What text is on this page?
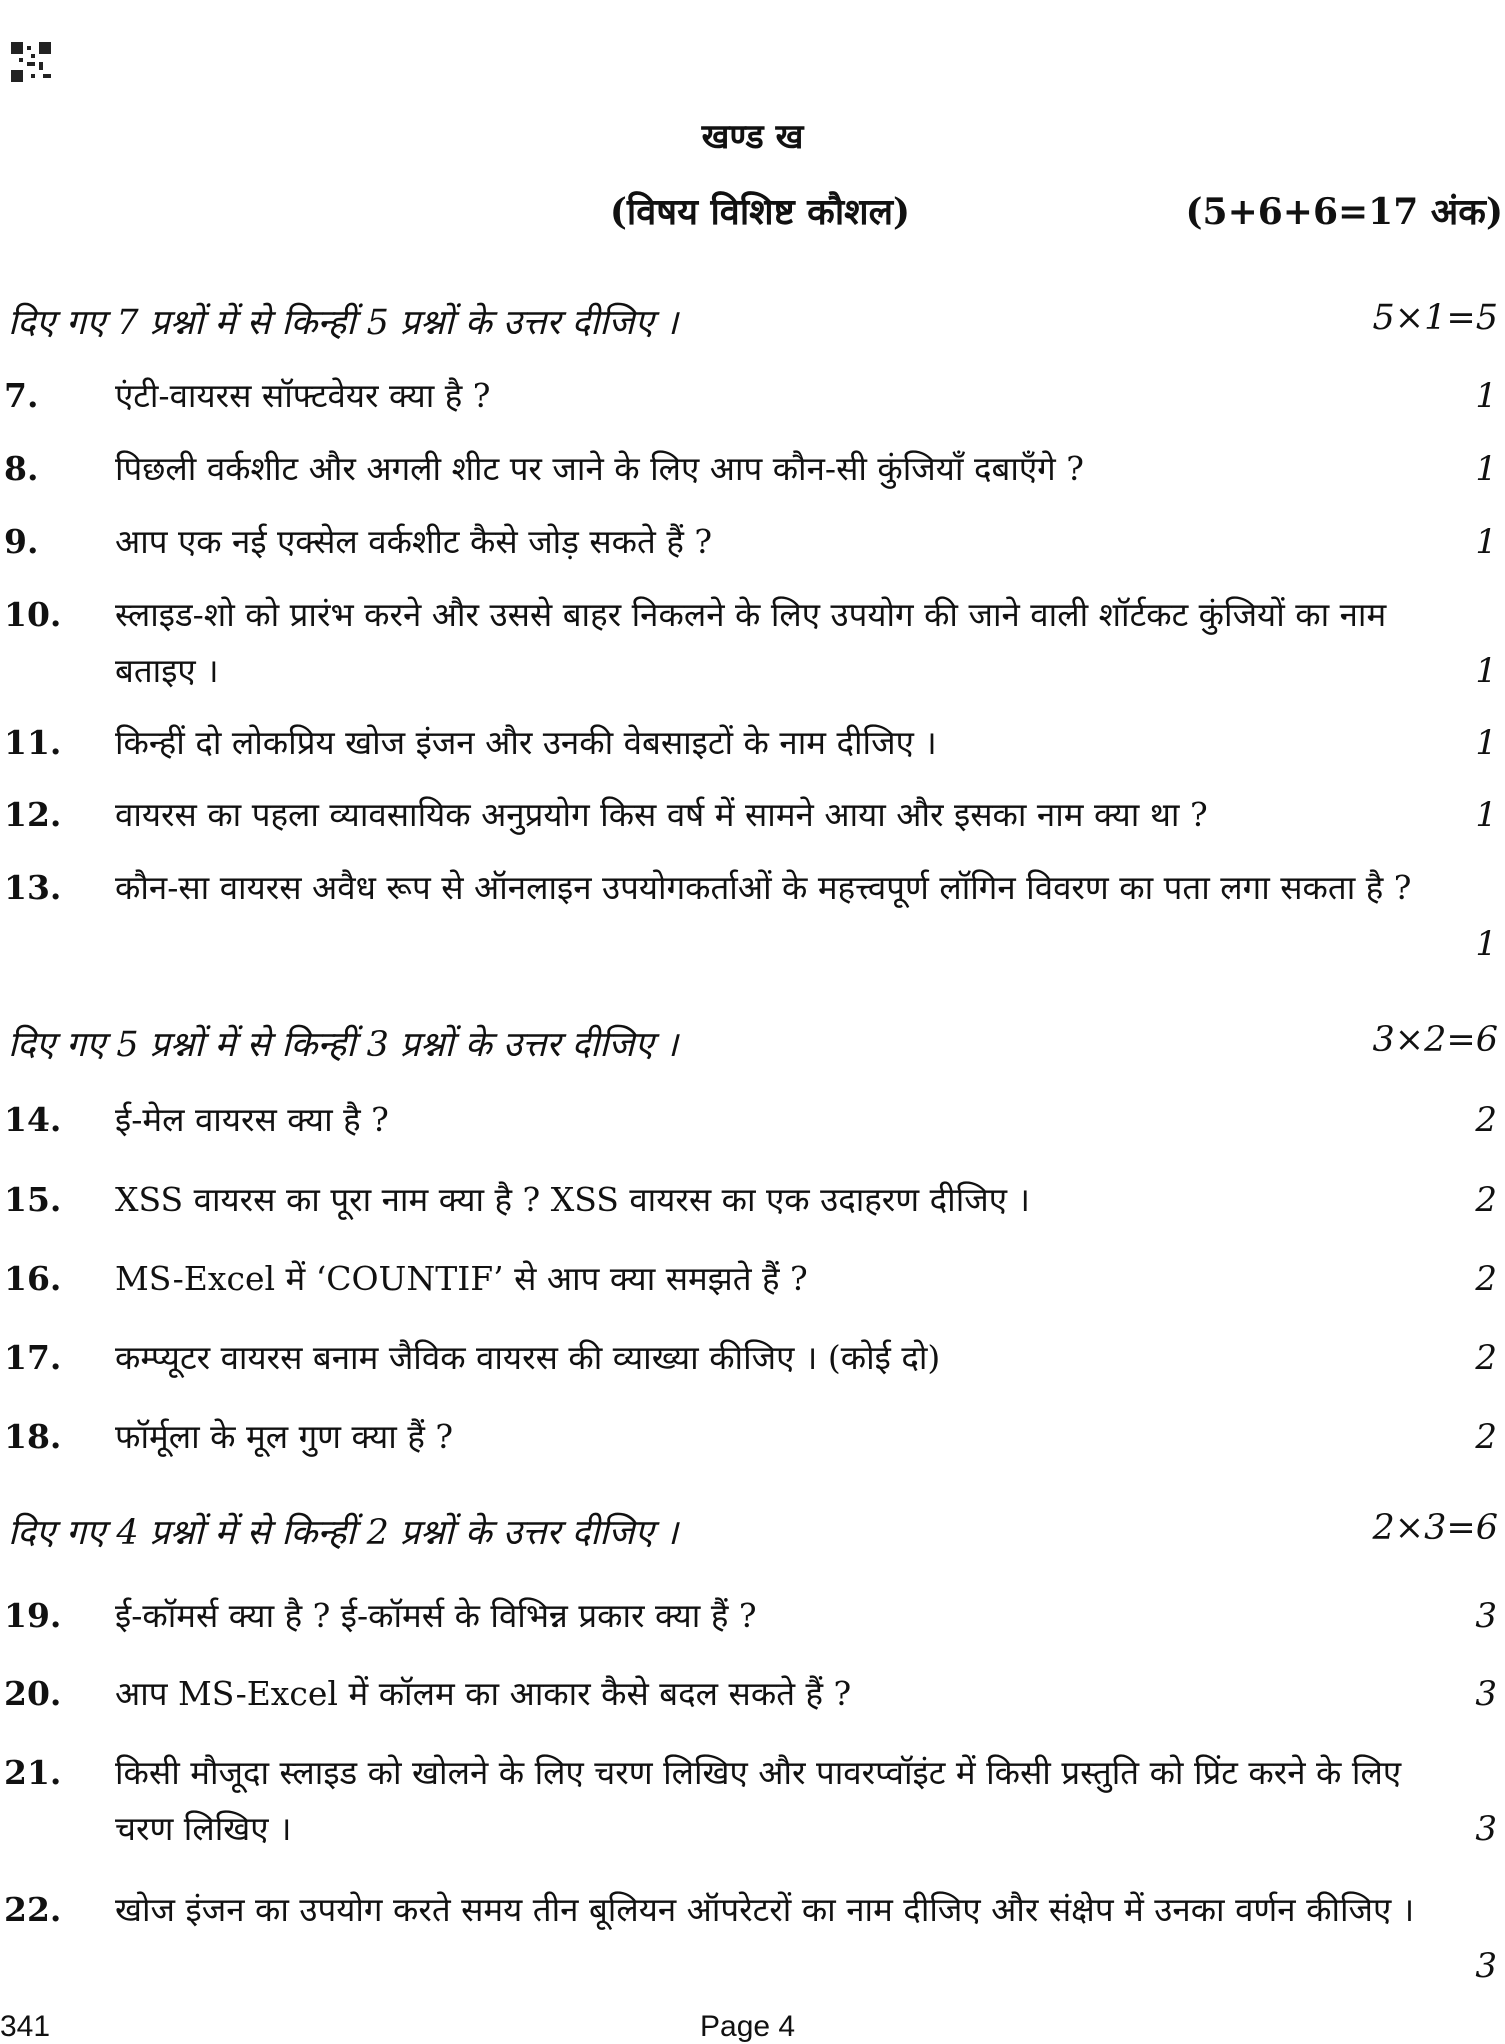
खण्ड ख
(विषय विशिष्ट कौशल)	(5+6+6=17 अंक)
दिए गए 7 प्रश्नों में से किन्हीं 5 प्रश्नों के उत्तर दीजिए ।	5×1=5
7. एंटी-वायरस सॉफ्टवेयर क्या है ?	1
8. पिछली वर्कशीट और अगली शीट पर जाने के लिए आप कौन-सी कुंजियाँ दबाएँगे ?	1
9. आप एक नई एक्सेल वर्कशीट कैसे जोड़ सकते हैं ?	1
10. स्लाइड-शो को प्रारंभ करने और उससे बाहर निकलने के लिए उपयोग की जाने वाली शॉर्टकट कुंजियों का नाम बताइए ।	1
11. किन्हीं दो लोकप्रिय खोज इंजन और उनकी वेबसाइटों के नाम दीजिए ।	1
12. वायरस का पहला व्यावसायिक अनुप्रयोग किस वर्ष में सामने आया और इसका नाम क्या था ?	1
13. कौन-सा वायरस अवैध रूप से ऑनलाइन उपयोगकर्ताओं के महत्त्वपूर्ण लॉगिन विवरण का पता लगा सकता है ?
1
दिए गए 5 प्रश्नों में से किन्हीं 3 प्रश्नों के उत्तर दीजिए ।	3×2=6
14. ई-मेल वायरस क्या है ?	2
15. XSS वायरस का पूरा नाम क्या है ? XSS वायरस का एक उदाहरण दीजिए ।	2
16. MS-Excel में ‘COUNTIF’ से आप क्या समझते हैं ?	2
17. कम्प्यूटर वायरस बनाम जैविक वायरस की व्याख्या कीजिए । (कोई दो)	2
18. फॉर्मूला के मूल गुण क्या हैं ?	2
दिए गए 4 प्रश्नों में से किन्हीं 2 प्रश्नों के उत्तर दीजिए ।	2×3=6
19. ई-कॉमर्स क्या है ? ई-कॉमर्स के विभिन्न प्रकार क्या हैं ?	3
20. आप MS-Excel में कॉलम का आकार कैसे बदल सकते हैं ?	3
21. किसी मौजूदा स्लाइड को खोलने के लिए चरण लिखिए और पावरप्वॉइंट में किसी प्रस्तुति को प्रिंट करने के लिए चरण लिखिए ।	3
22. खोज इंजन का उपयोग करते समय तीन बूलियन ऑपरेटरों का नाम दीजिए और संक्षेप में उनका वर्णन कीजिए ।
3
341	Page 4
